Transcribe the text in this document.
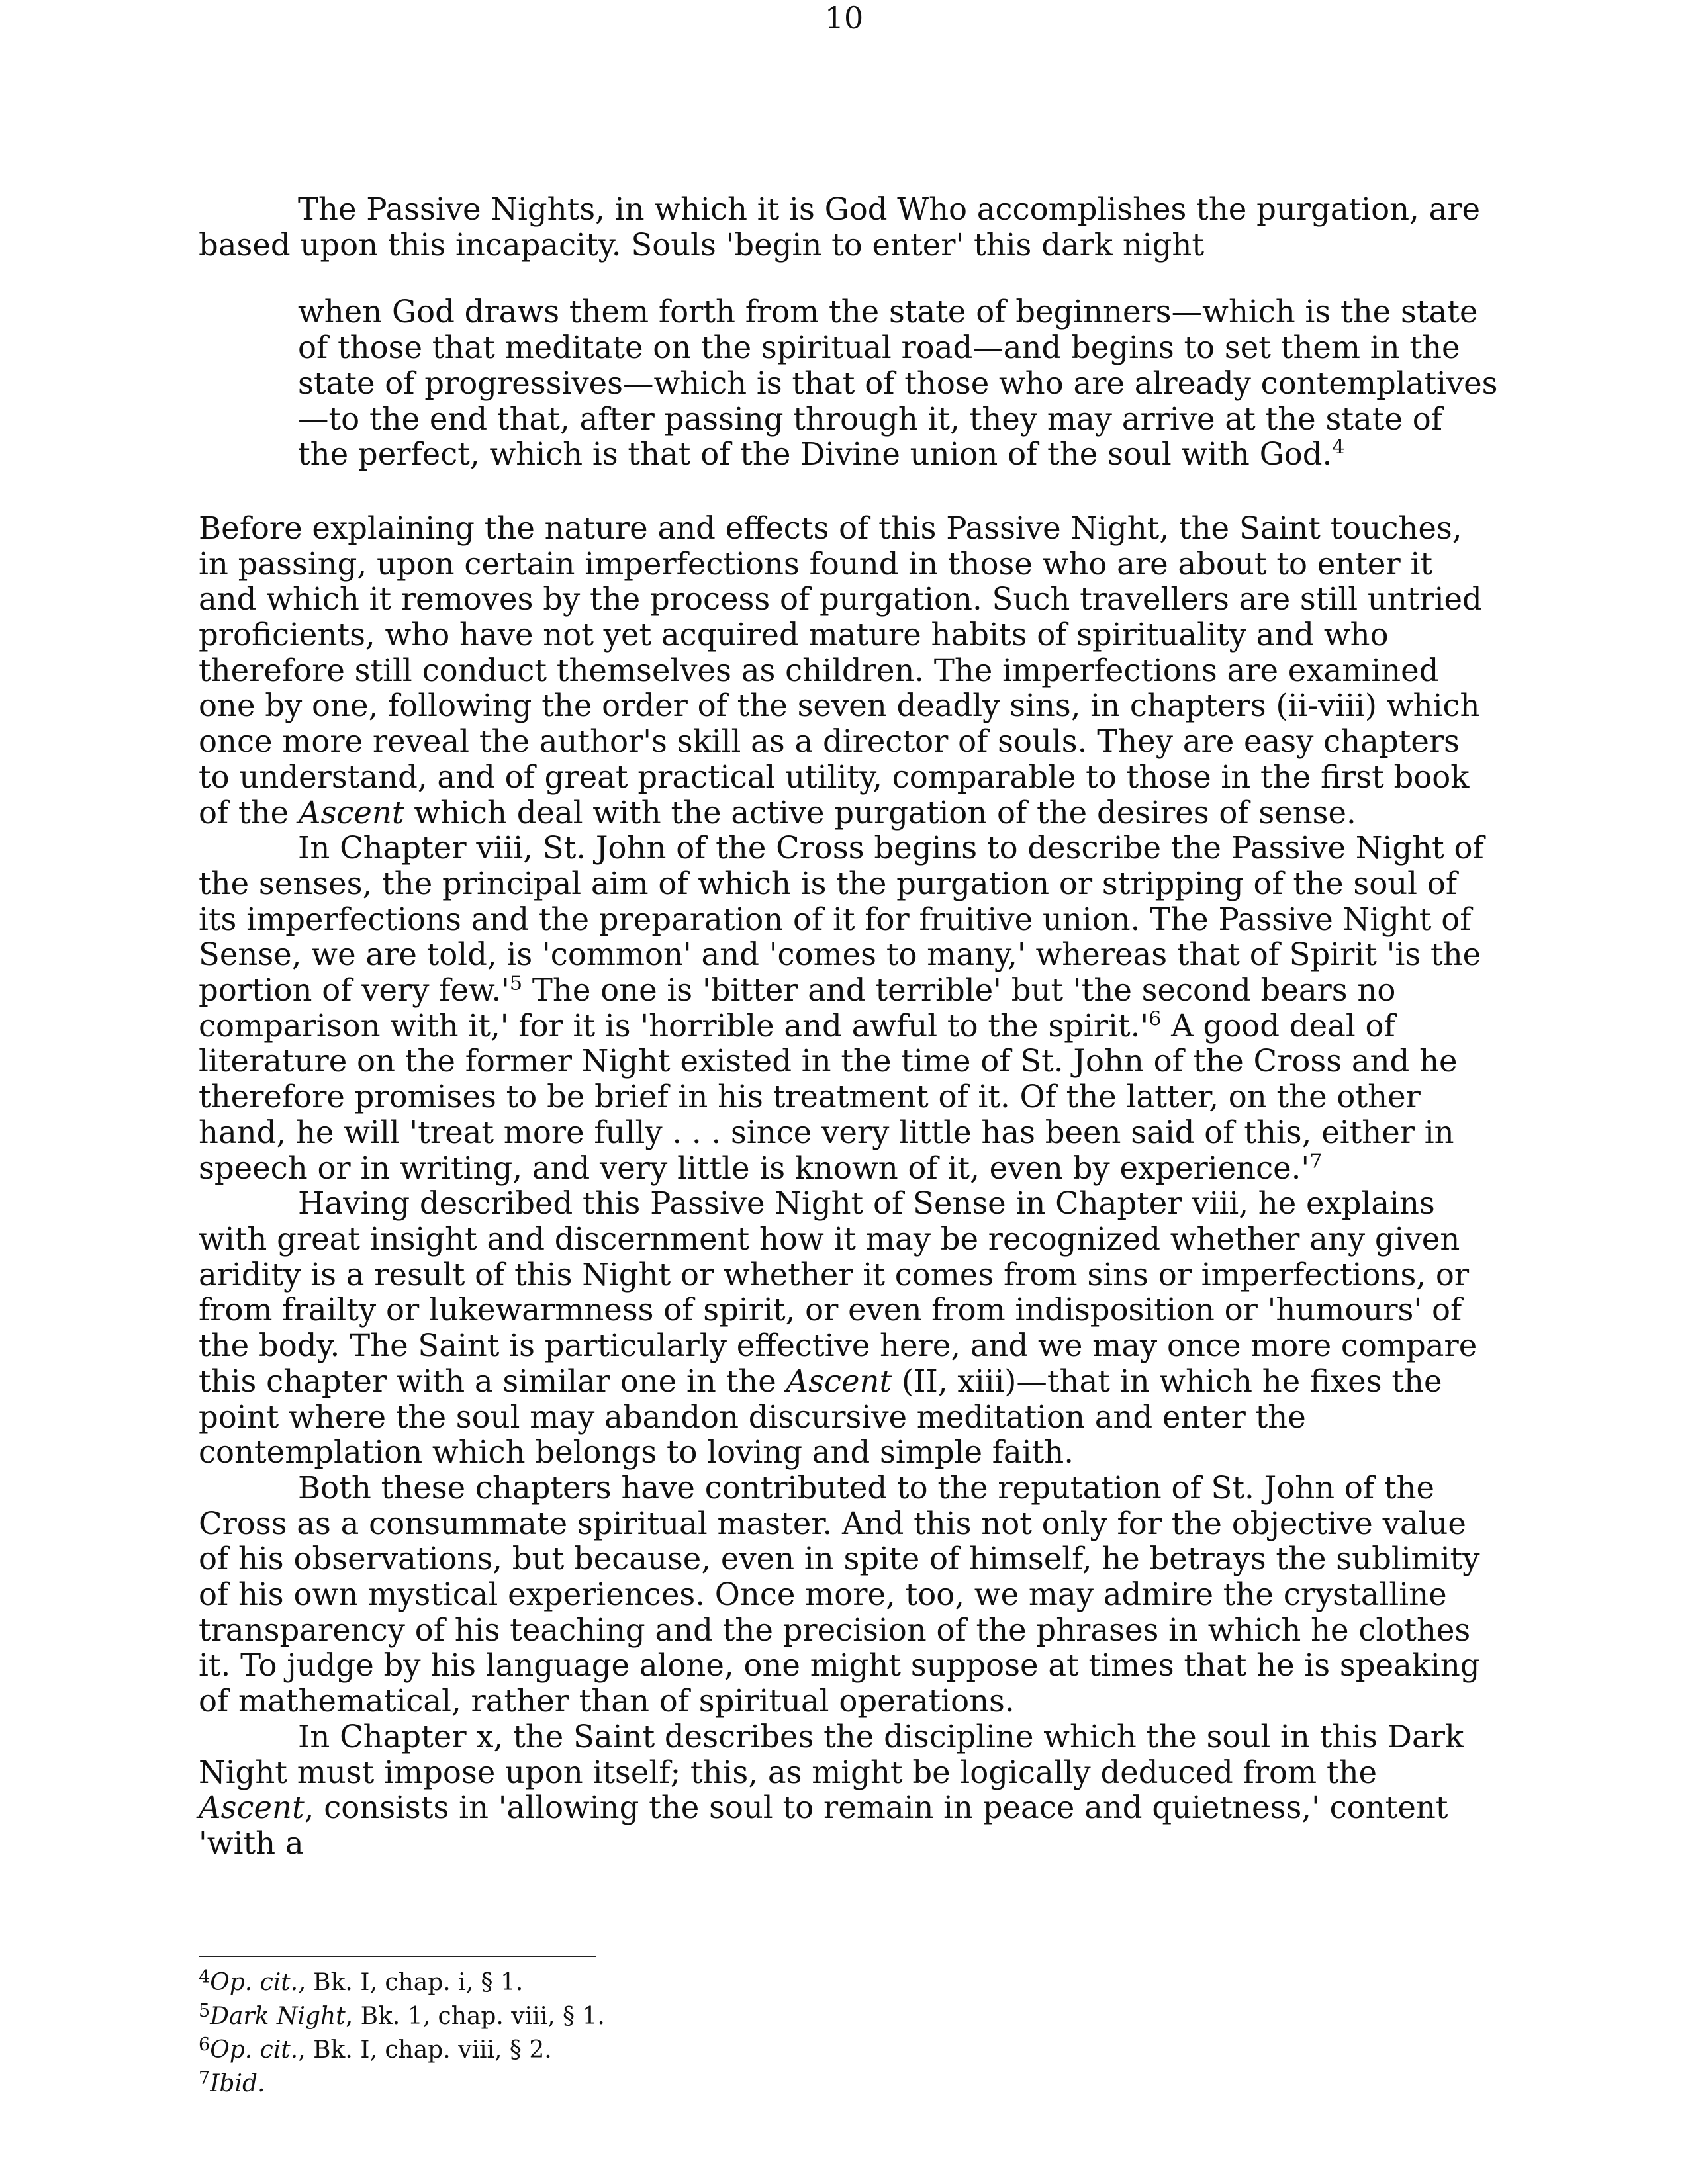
10

The Passive Nights, in which it is God Who accomplishes the purgation, are based upon this incapacity. Souls 'begin to enter' this dark night

when God draws them forth from the state of beginners—which is the state of those that meditate on the spiritual road—and begins to set them in the state of progressives—which is that of those who are already contemplatives—to the end that, after passing through it, they may arrive at the state of the perfect, which is that of the Divine union of the soul with God.$^4$

Before explaining the nature and effects of this Passive Night, the Saint touches, in passing, upon certain imperfections found in those who are about to enter it and which it removes by the process of purgation. Such travellers are still untried proficients, who have not yet acquired mature habits of spirituality and who therefore still conduct themselves as children. The imperfections are examined one by one, following the order of the seven deadly sins, in chapters (ii-viii) which once more reveal the author's skill as a director of souls. They are easy chapters to understand, and of great practical utility, comparable to those in the first book of the Ascent which deal with the active purgation of the desires of sense.

In Chapter viii, St. John of the Cross begins to describe the Passive Night of the senses, the principal aim of which is the purgation or stripping of the soul of its imperfections and the preparation of it for fruitive union. The Passive Night of Sense, we are told, is 'common' and 'comes to many,' whereas that of Spirit 'is the portion of very $few.'^5$ The one is 'bitter and terrible' but 'the second bears no comparison with it,' for it is 'horrible and awful to the $spirit.'^6$ A good deal of literature on the former Night existed in the time of St. John of the Cross and he therefore promises to be brief in his treatment of it. Of the latter, on the other hand, he will 'treat more fully . . . since very little has been said of this, either in speech or in writing, and very little is known of it, even by $experience.'^7$

Having described this Passive Night of Sense in Chapter viii, he explains with great insight and discernment how it may be recognized whether any given aridity is a result of this Night or whether it comes from sins or imperfections, or from frailty or lukewarmness of spirit, or even from indisposition or 'humours' of the body. The Saint is particularly effective here, and we may once more compare this chapter with a similar one in the Ascent (II, xiii)—that in which he fixes the point where the soul may abandon discursive meditation and enter the contemplation which belongs to loving and simple faith.

Both these chapters have contributed to the reputation of St. John of the Cross as a consummate spiritual master. And this not only for the objective value of his observations, but because, even in spite of himself, he betrays the sublimity of his own mystical experiences. Once more, too, we may admire the crystalline transparency of his teaching and the precision of the phrases in which he clothes it. To judge by his language alone, one might suppose at times that he is speaking of mathematical, rather than of spiritual operations.

In Chapter x, the Saint describes the discipline which the soul in this Dark Night must impose upon itself; this, as might be logically deduced from the Ascent, consists in 'allowing the soul to remain in peace and quietness,' content 'with a

$^4$Op. cit., Bk. I, chap. i, § 1.

$^5$Dark Night, Bk. 1, chap. viii, § 1.

$^6$Op. cit., Bk. I, chap. viii, § 2.

$^7$Ibid.
